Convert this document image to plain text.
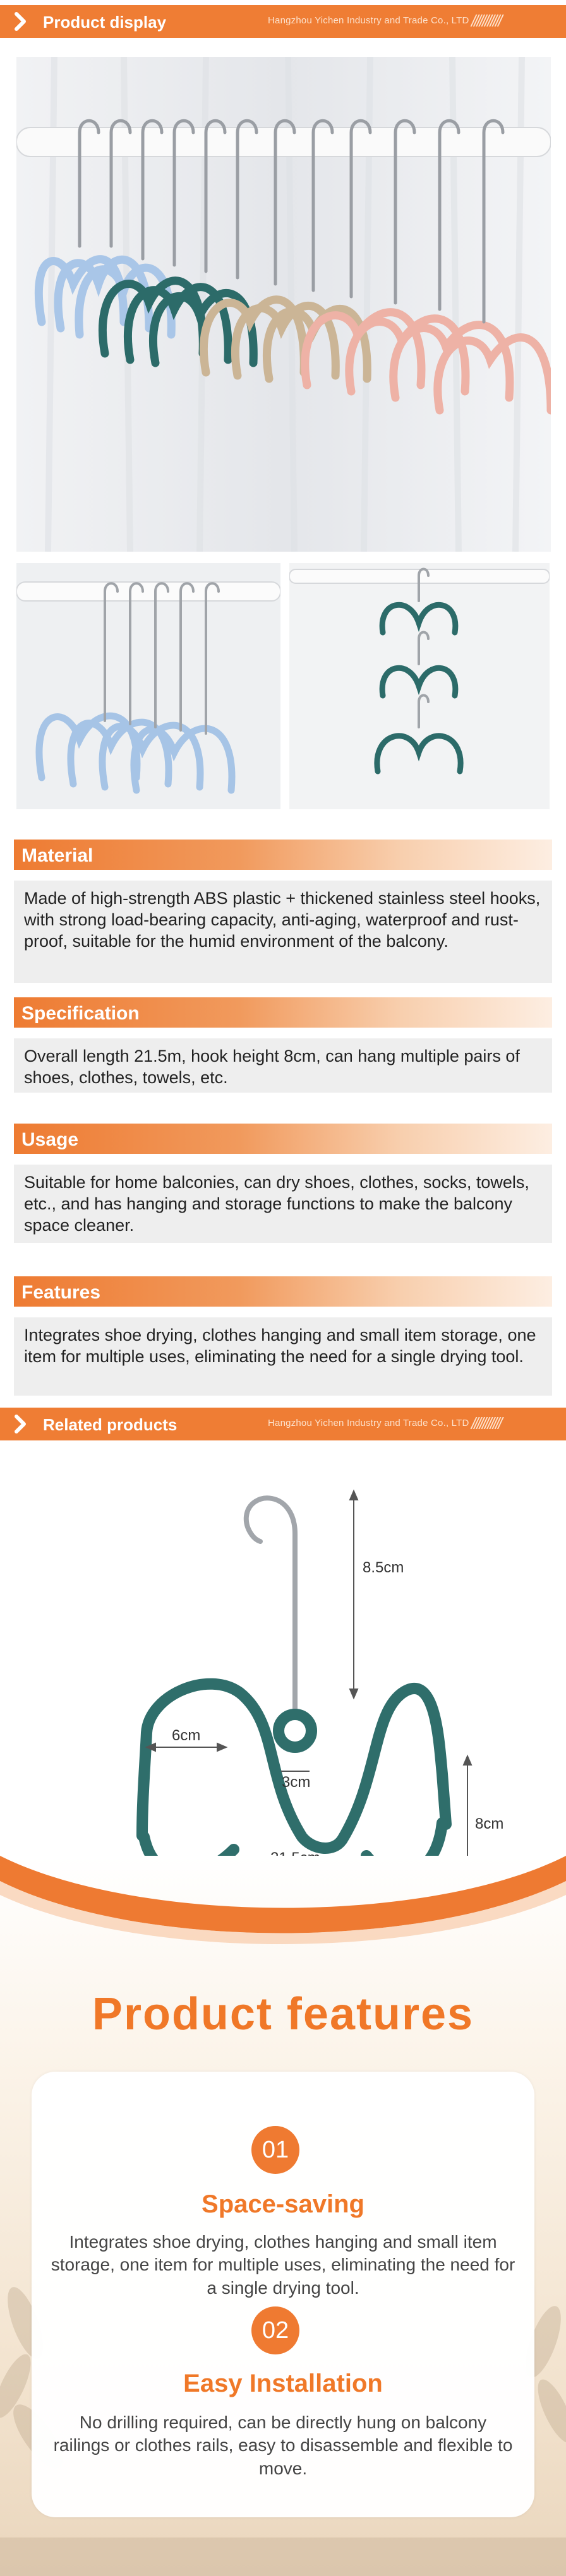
Product display	Hangzhou Yichen Industry and Trade Co., LTD ///////////
Material
Made of high-strength ABS plastic + thickened stainless steel hooks, with strong load-bearing capacity, anti-aging, waterproof and rust-proof, suitable for the humid environment of the balcony.
Specification
Overall length 21.5m, hook height 8cm, can hang multiple pairs of shoes, clothes, towels, etc.
Usage
Suitable for home balconies, can dry shoes, clothes, socks, towels, etc., and has hanging and storage functions to make the balcony space cleaner.
Features
Integrates shoe drying, clothes hanging and small item storage, one item for multiple uses, eliminating the need for a single drying tool.
Related products	Hangzhou Yichen Industry and Trade Co., LTD ///////////
8.5cm
6cm
3cm
8cm
Product features
01
Space-saving
Integrates shoe drying, clothes hanging and small item storage, one item for multiple uses, eliminating the need for a single drying tool.
02
Easy Installation
No drilling required, can be directly hung on balcony railings or clothes rails, easy to disassemble and flexible to move.
